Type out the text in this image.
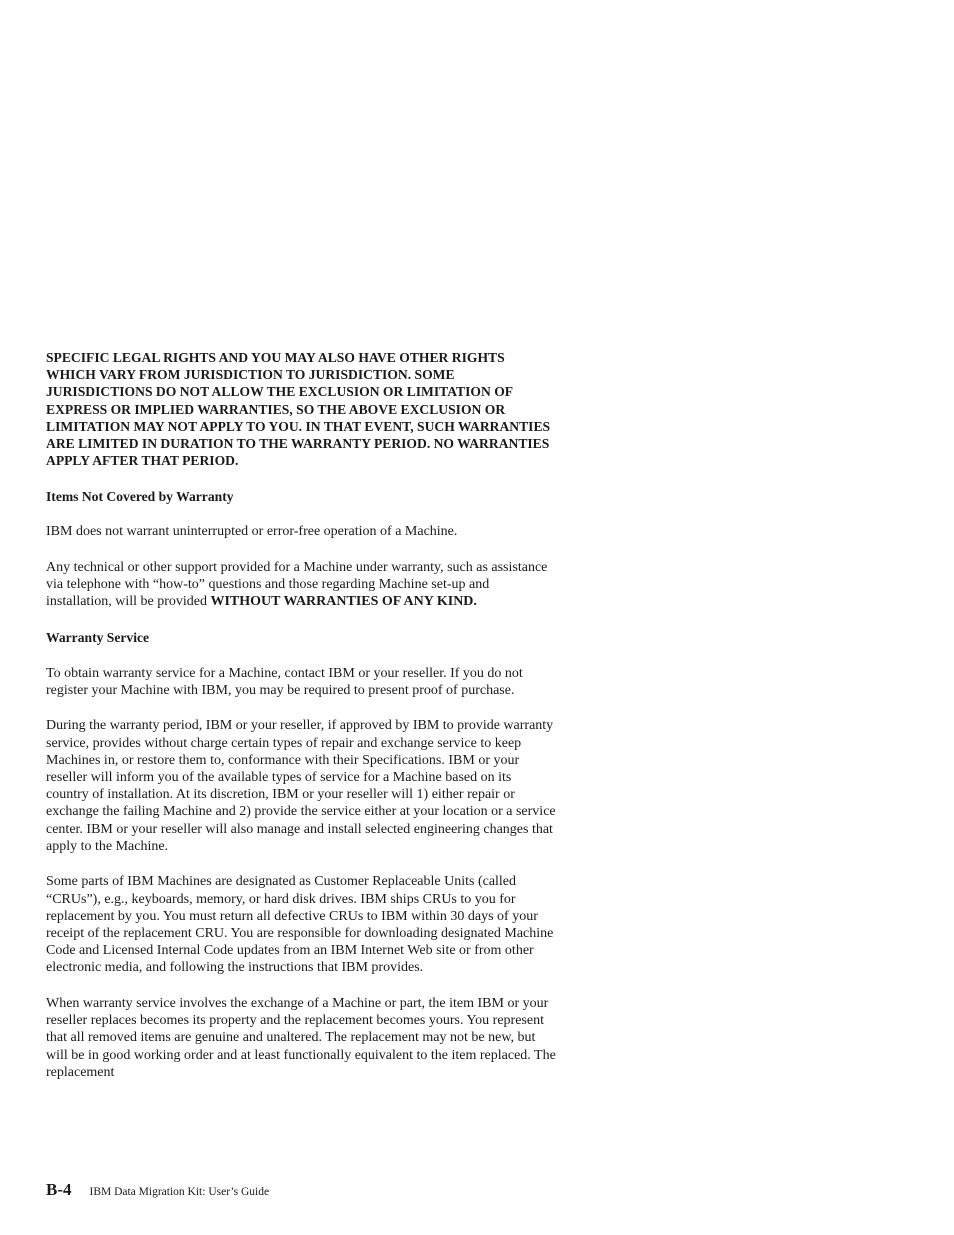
SPECIFIC LEGAL RIGHTS AND YOU MAY ALSO HAVE OTHER RIGHTS WHICH VARY FROM JURISDICTION TO JURISDICTION. SOME JURISDICTIONS DO NOT ALLOW THE EXCLUSION OR LIMITATION OF EXPRESS OR IMPLIED WARRANTIES, SO THE ABOVE EXCLUSION OR LIMITATION MAY NOT APPLY TO YOU. IN THAT EVENT, SUCH WARRANTIES ARE LIMITED IN DURATION TO THE WARRANTY PERIOD. NO WARRANTIES APPLY AFTER THAT PERIOD.

Items Not Covered by Warranty

IBM does not warrant uninterrupted or error-free operation of a Machine.

Any technical or other support provided for a Machine under warranty, such as assistance via telephone with “how-to” questions and those regarding Machine set-up and installation, will be provided WITHOUT WARRANTIES OF ANY KIND.

Warranty Service

To obtain warranty service for a Machine, contact IBM or your reseller. If you do not register your Machine with IBM, you may be required to present proof of purchase.

During the warranty period, IBM or your reseller, if approved by IBM to provide warranty service, provides without charge certain types of repair and exchange service to keep Machines in, or restore them to, conformance with their Specifications. IBM or your reseller will inform you of the available types of service for a Machine based on its country of installation. At its discretion, IBM or your reseller will 1) either repair or exchange the failing Machine and 2) provide the service either at your location or a service center. IBM or your reseller will also manage and install selected engineering changes that apply to the Machine.

Some parts of IBM Machines are designated as Customer Replaceable Units (called “CRUs”), e.g., keyboards, memory, or hard disk drives. IBM ships CRUs to you for replacement by you. You must return all defective CRUs to IBM within 30 days of your receipt of the replacement CRU. You are responsible for downloading designated Machine Code and Licensed Internal Code updates from an IBM Internet Web site or from other electronic media, and following the instructions that IBM provides.

When warranty service involves the exchange of a Machine or part, the item IBM or your reseller replaces becomes its property and the replacement becomes yours. You represent that all removed items are genuine and unaltered. The replacement may not be new, but will be in good working order and at least functionally equivalent to the item replaced. The replacement

B-4 IBM Data Migration Kit: User’s Guide
